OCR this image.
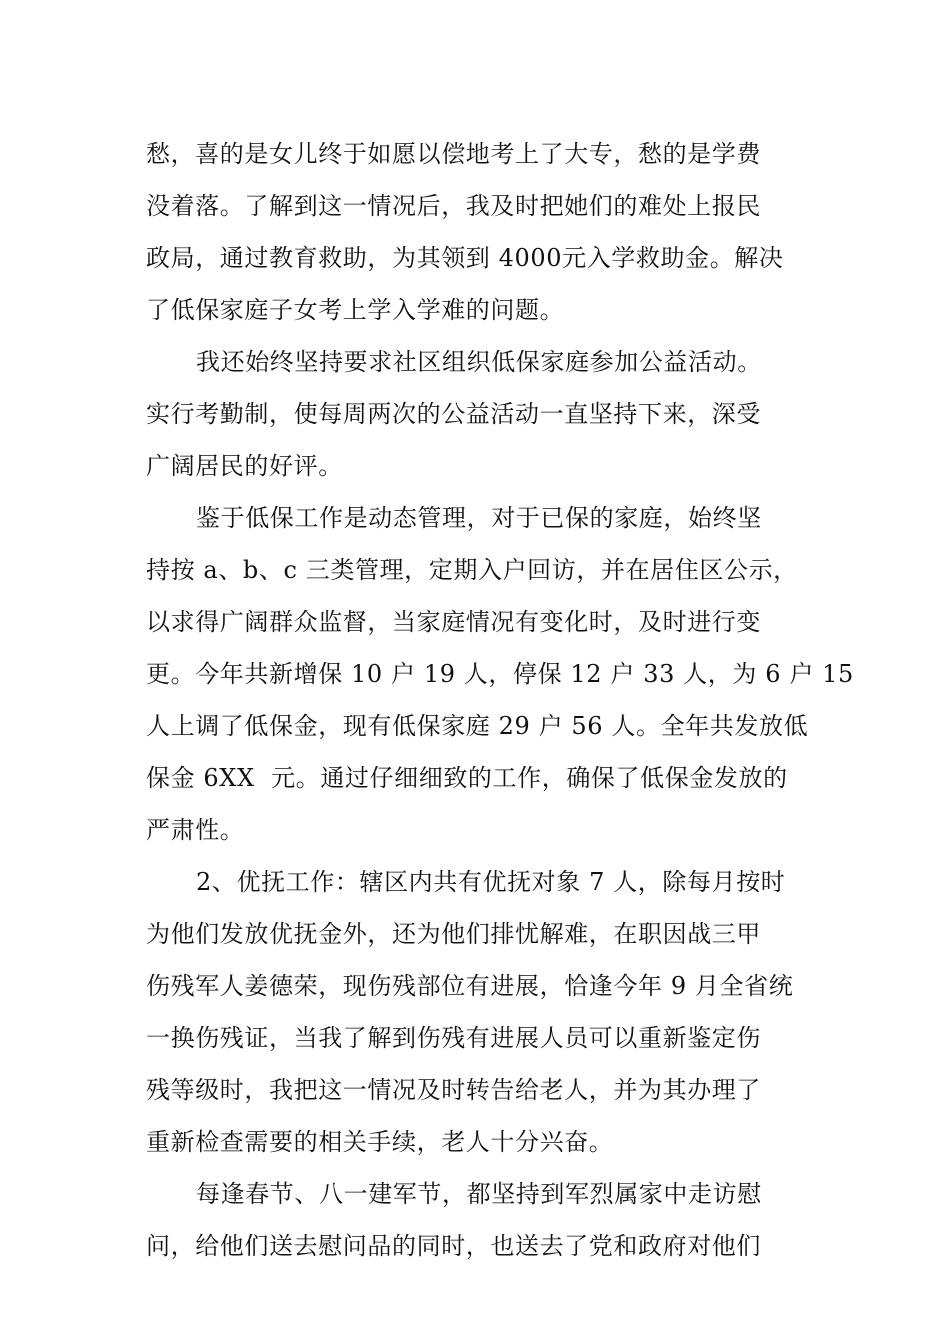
愁，喜的是女儿终于如愿以偿地考上了大专，愁的是学费
没着落。了解到这一情况后，我及时把她们的难处上报民
政局，通过教育救助，为其领到 4000元入学救助金。解决
了低保家庭子女考上学入学难的问题。
我还始终坚持要求社区组织低保家庭参加公益活动。
实行考勤制，使每周两次的公益活动一直坚持下来，深受
广阔居民的好评。
鉴于低保工作是动态管理，对于已保的家庭，始终坚
持按 a、b、c 三类管理，定期入户回访，并在居住区公示，
以求得广阔群众监督，当家庭情况有变化时，及时进行变
更。今年共新增保 10 户 19 人，停保 12 户 33 人，为 6 户 15
人上调了低保金，现有低保家庭 29 户 56 人。全年共发放低
保金 6XX  元。通过仔细细致的工作，确保了低保金发放的
严肃性。
2、优抚工作：辖区内共有优抚对象 7 人，除每月按时
为他们发放优抚金外，还为他们排忧解难，在职因战三甲
伤残军人姜德荣，现伤残部位有进展，恰逢今年 9 月全省统
一换伤残证，当我了解到伤残有进展人员可以重新鉴定伤
残等级时，我把这一情况及时转告给老人，并为其办理了
重新检查需要的相关手续，老人十分兴奋。
每逢春节、八一建军节，都坚持到军烈属家中走访慰
问，给他们送去慰问品的同时，也送去了党和政府对他们
